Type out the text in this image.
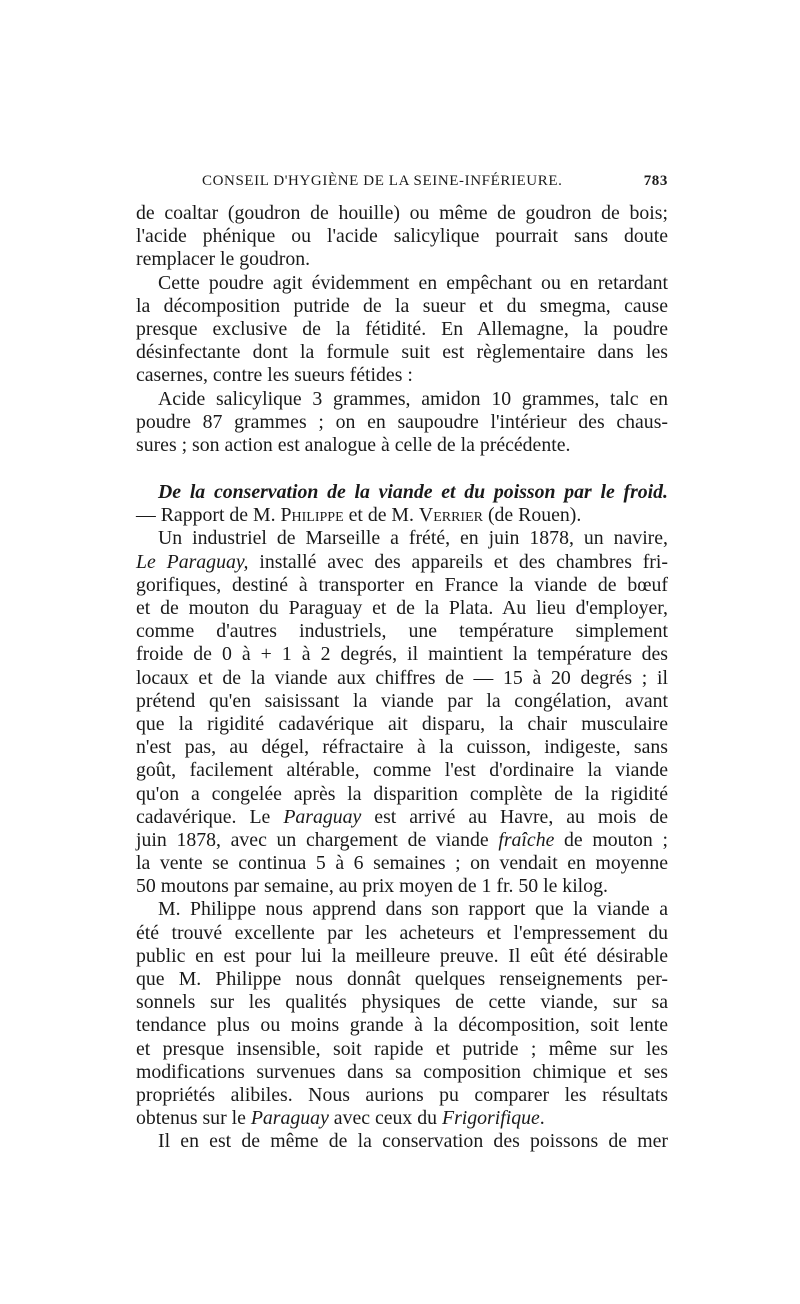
CONSEIL D'HYGIÈNE DE LA SEINE-INFÉRIEURE.	783
de coaltar (goudron de houille) ou même de goudron de bois;
l'acide phénique ou l'acide salicylique pourrait sans doute
remplacer le goudron.
Cette poudre agit évidemment en empêchant ou en retardant
la décomposition putride de la sueur et du smegma, cause
presque exclusive de la fétidité. En Allemagne, la poudre
désinfectante dont la formule suit est règlementaire dans les
casernes, contre les sueurs fétides :
Acide salicylique 3 grammes, amidon 10 grammes, talc en
poudre 87 grammes ; on en saupoudre l'intérieur des chaus-
sures ; son action est analogue à celle de la précédente.
De la conservation de la viande et du poisson par le froid.
— Rapport de M. Philippe et de M. Verrier (de Rouen).
Un industriel de Marseille a frété, en juin 1878, un navire,
Le Paraguay, installé avec des appareils et des chambres fri-
gorifiques, destiné à transporter en France la viande de bœuf
et de mouton du Paraguay et de la Plata. Au lieu d'employer,
comme d'autres industriels, une température simplement
froide de 0 à + 1 à 2 degrés, il maintient la température des
locaux et de la viande aux chiffres de — 15 à 20 degrés ; il
prétend qu'en saisissant la viande par la congélation, avant
que la rigidité cadavérique ait disparu, la chair musculaire
n'est pas, au dégel, réfractaire à la cuisson, indigeste, sans
goût, facilement altérable, comme l'est d'ordinaire la viande
qu'on a congelée après la disparition complète de la rigidité
cadavérique. Le Paraguay est arrivé au Havre, au mois de
juin 1878, avec un chargement de viande fraîche de mouton ;
la vente se continua 5 à 6 semaines ; on vendait en moyenne
50 moutons par semaine, au prix moyen de 1 fr. 50 le kilog.
M. Philippe nous apprend dans son rapport que la viande a
été trouvé excellente par les acheteurs et l'empressement du
public en est pour lui la meilleure preuve. Il eût été désirable
que M. Philippe nous donnât quelques renseignements per-
sonnels sur les qualités physiques de cette viande, sur sa
tendance plus ou moins grande à la décomposition, soit lente
et presque insensible, soit rapide et putride ; même sur les
modifications survenues dans sa composition chimique et ses
propriétés alibiles. Nous aurions pu comparer les résultats
obtenus sur le Paraguay avec ceux du Frigorifique.
Il en est de même de la conservation des poissons de mer
